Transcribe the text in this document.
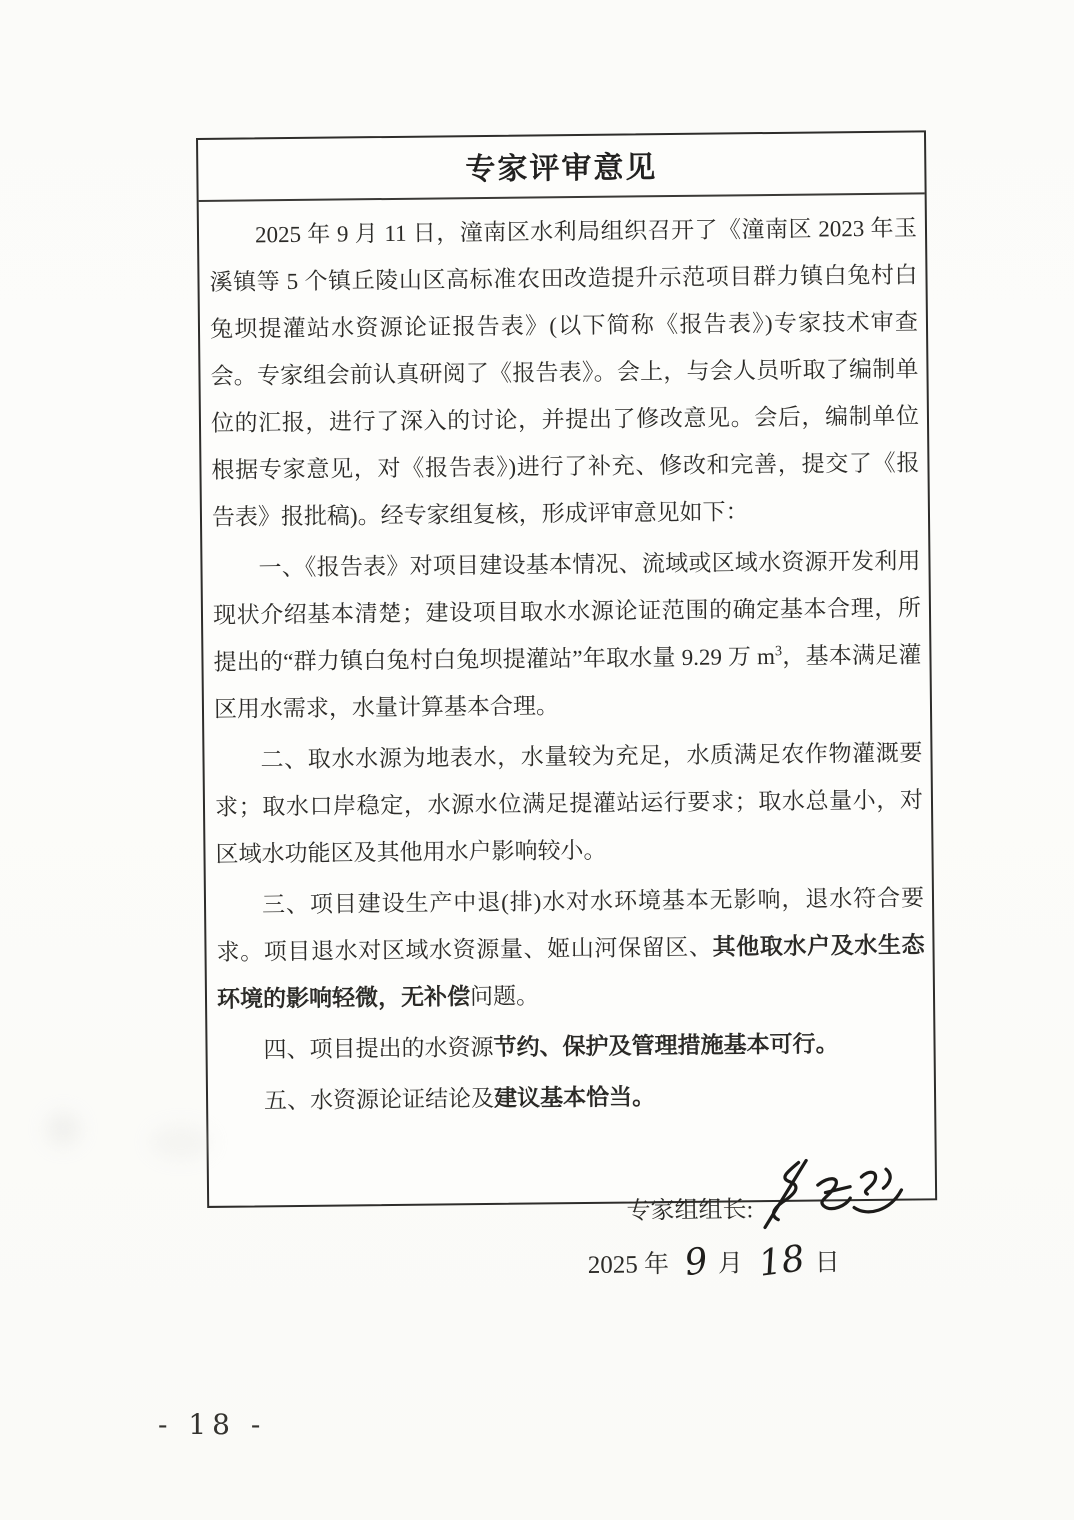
专家评审意见

2025 年 9 月 11 日，潼南区水利局组织召开了《潼南区 2023 年玉溪镇等 5 个镇丘陵山区高标准农田改造提升示范项目群力镇白兔村白兔坝提灌站水资源论证报告表》(以下简称《报告表》)专家技术审查会。专家组会前认真研阅了《报告表》。会上，与会人员听取了编制单位的汇报，进行了深入的讨论，并提出了修改意见。会后，编制单位根据专家意见，对《报告表》)进行了补充、修改和完善，提交了《报告表》报批稿)。经专家组复核，形成评审意见如下：

一、《报告表》对项目建设基本情况、流域或区域水资源开发利用现状介绍基本清楚；建设项目取水水源论证范围的确定基本合理，所提出的“群力镇白兔村白兔坝提灌站”年取水量 9.29 万 $m^3$，基本满足灌区用水需求，水量计算基本合理。

二、取水水源为地表水，水量较为充足，水质满足农作物灌溉要求；取水口岸稳定，水源水位满足提灌站运行要求；取水总量小，对区域水功能区及其他用水户影响较小。

三、项目建设生产中退(排)水对水环境基本无影响，退水符合要求。项目退水对区域水资源量、姬山河保留区、其他取水户及水生态环境的影响轻微，无补偿问题。

四、项目提出的水资源节约、保护及管理措施基本可行。

五、水资源论证结论及建议基本恰当。

专家组组长:
2025 年 9 月 18 日
- 18 -
